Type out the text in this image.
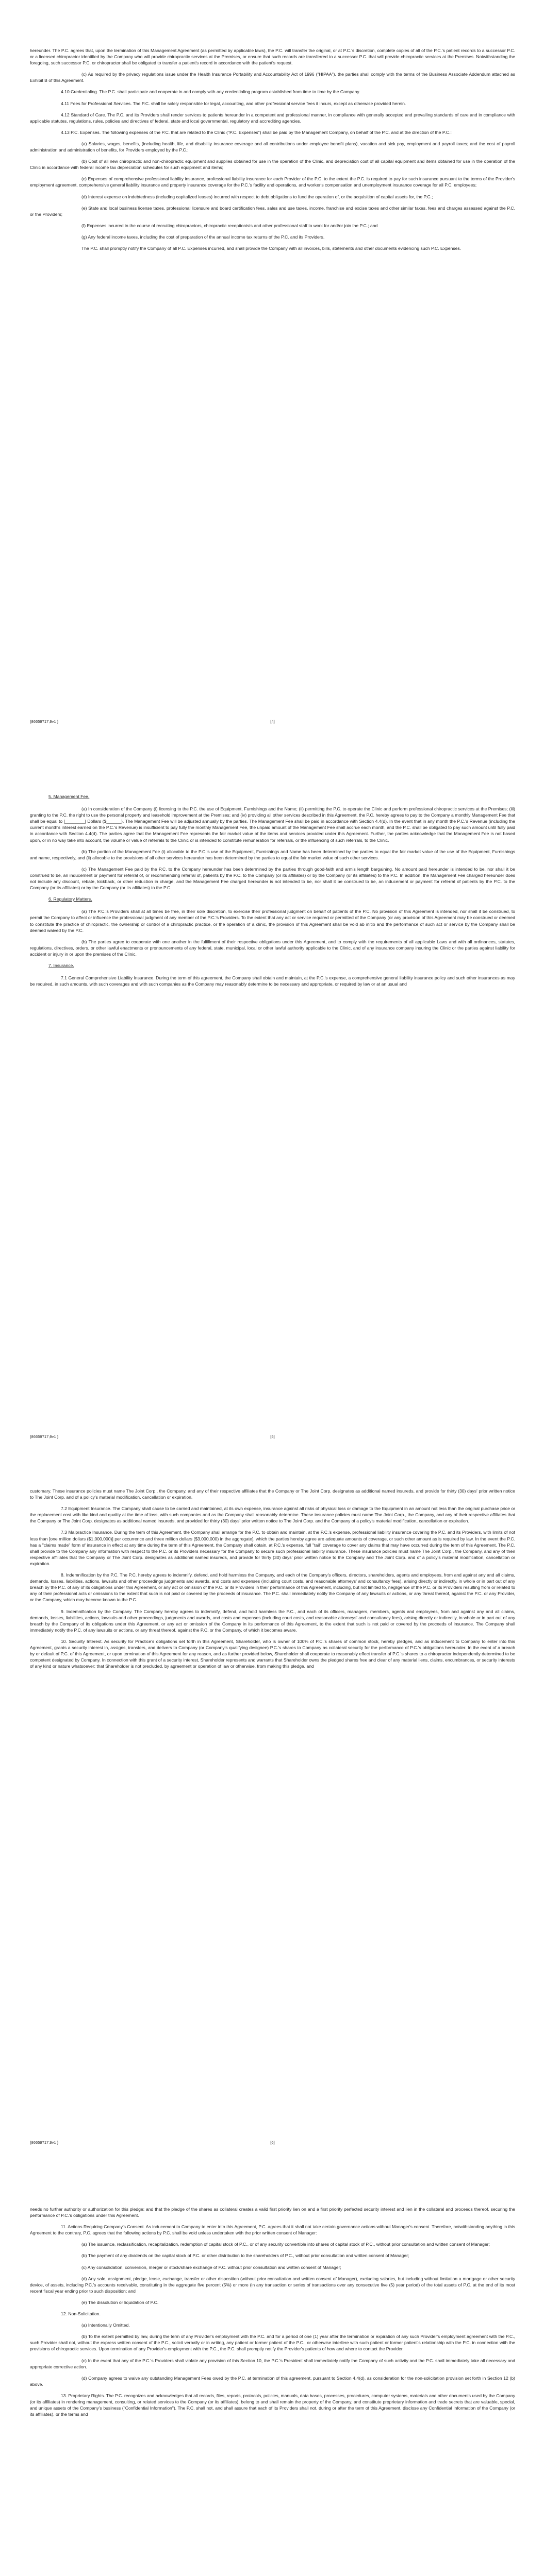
hereunder. The P.C. agrees that, upon the termination of this Management Agreement (as permitted by applicable laws), the P.C. will transfer the original, or at P.C.'s discretion, complete copies of all of the P.C.'s patient records to a successor P.C. or a licensed chiropractor identified by the Company who will provide chiropractic services at the Premises, or ensure that such records are transferred to a successor P.C. that will provide chiropractic services at the Premises. Notwithstanding the foregoing, such successor P.C. or chiropractor shall be obligated to transfer a patient's record in accordance with the patient's request.

(c) As required by the privacy regulations issue under the Health Insurance Portability and Accountability Act of 1996 ("HIPAA"), the parties shall comply with the terms of the Business Associate Addendum attached as Exhibit B of this Agreement.

4.10 Credentialing. The P.C. shall participate and cooperate in and comply with any credentialing program established from time to time by the Company.

4.11 Fees for Professional Services. The P.C. shall be solely responsible for legal, accounting, and other professional service fees it incurs, except as otherwise provided herein.

4.12 Standard of Care. The P.C. and its Providers shall render services to patients hereunder in a competent and professional manner, in compliance with generally accepted and prevailing standards of care and in compliance with applicable statutes, regulations, rules, policies and directives of federal, state and local governmental, regulatory and accrediting agencies.

4.13 P.C. Expenses. The following expenses of the P.C. that are related to the Clinic ("P.C. Expenses") shall be paid by the Management Company, on behalf of the P.C. and at the direction of the P.C.:

(a) Salaries, wages, benefits, (including health, life, and disability insurance coverage and all contributions under employee benefit plans), vacation and sick pay, employment and payroll taxes; and the cost of payroll administration and administration of benefits, for Providers employed by the P.C.;

(b) Cost of all new chiropractic and non-chiropractic equipment and supplies obtained for use in the operation of the Clinic, and depreciation cost of all capital equipment and items obtained for use in the operation of the Clinic in accordance with federal income tax depreciation schedules for such equipment and items;

(c) Expenses of comprehensive professional liability insurance, professional liability insurance for each Provider of the P.C. to the extent the P.C. is required to pay for such insurance pursuant to the terms of the Provider's employment agreement, comprehensive general liability insurance and property insurance coverage for the P.C.'s facility and operations, and worker's compensation and unemployment insurance coverage for all P.C. employees;

(d) Interest expense on indebtedness (including capitalized leases) incurred with respect to debt obligations to fund the operation of, or the acquisition of capital assets for, the P.C.;

(e) State and local business license taxes, professional licensure and board certification fees, sales and use taxes, income, franchise and excise taxes and other similar taxes, fees and charges assessed against the P.C. or the Providers;

(f) Expenses incurred in the course of recruiting chiropractors, chiropractic receptionists and other professional staff to work for and/or join the P.C.; and

(g) Any federal income taxes, including the cost of preparation of the annual income tax returns of the P.C. and its Providers.

The P.C. shall promptly notify the Company of all P.C. Expenses incurred, and shall provide the Company with all invoices, bills, statements and other documents evidencing such P.C. Expenses.

{86659717;9v1 }	[4]

5. Management Fee.

(a) In consideration of the Company (i) licensing to the P.C. the use of Equipment, Furnishings and the Name; (ii) permitting the P.C. to operate the Clinic and perform professional chiropractic services at the Premises; (iii) granting to the P.C. the right to use the personal property and leasehold improvement at the Premises; and (iv) providing all other services described in this Agreement, the P.C. hereby agrees to pay to the Company a monthly Management Fee that shall be equal to [________] Dollars ($______). The Management Fee will be adjusted annually by the parties. The Management Fee shall be paid in accordance with Section 4.4(d). In the event that in any month the P.C.'s Revenue (including the current month's interest earned on the P.C.'s Revenue) is insufficient to pay fully the monthly Management Fee, the unpaid amount of the Management Fee shall accrue each month, and the P.C. shall be obligated to pay such amount until fully paid in accordance with Section 4.4(d). The parties agree that the Management Fee represents the fair market value of the items and services provided under this Agreement. Further, the parties acknowledge that the Management Fee is not based upon, or in no way take into account, the volume or value of referrals to the Clinic or is intended to constitute remuneration for referrals, or the influencing of such referrals, to the Clinic.

(b) The portion of the Management Fee (i) allocable to the P.C.'s use of the Equipment, Furnishings and Name has been determined by the parties to equal the fair market value of the use of the Equipment, Furnishings and name, respectively, and (ii) allocable to the provisions of all other services hereunder has been determined by the parties to equal the fair market value of such other services.

(c) The Management Fee paid by the P.C. to the Company hereunder has been determined by the parties through good-faith and arm's length bargaining. No amount paid hereunder is intended to be, nor shall it be construed to be, an inducement or payment for referral of, or recommending referral of, patients by the P.C. to the Company (or its affiliates) or by the Company (or its affiliates) to the P.C. In addition, the Management Fee charged hereunder does not include any discount, rebate, kickback, or other reduction in charge, and the Management Fee charged hereunder is not intended to be, nor shall it be construed to be, an inducement or payment for referral of patients by the P.C. to the Company (or its affiliates) or by the Company (or its affiliates) to the P.C.

6. Regulatory Matters.

(a) The P.C.'s Providers shall at all times be free, in their sole discretion, to exercise their professional judgment on behalf of patients of the P.C. No provision of this Agreement is intended, nor shall it be construed, to permit the Company to affect or influence the professional judgment of any member of the P.C.'s Providers. To the extent that any act or service required or permitted of the Company (or any provision of this Agreement may be construed or deemed to constitute the practice of chiropractic, the ownership or control of a chiropractic practice, or the operation of a clinic, the provision of this Agreement shall be void ab initio and the performance of such act or service by the Company shall be deemed waived by the P.C.

(b) The parties agree to cooperate with one another in the fulfillment of their respective obligations under this Agreement, and to comply with the requirements of all applicable Laws and with all ordinances, statutes, regulations, directives, orders, or other lawful enactments or pronouncements of any federal, state, municipal, local or other lawful authority applicable to the Clinic, and of any insurance company insuring the Clinic or the parties against liability for accident or injury in or upon the premises of the Clinic.

7. Insurance.

7.1 General Comprehensive Liability Insurance. During the term of this agreement, the Company shall obtain and maintain, at the P.C.'s expense, a comprehensive general liability insurance policy and such other insurances as may be required, in such amounts, with such coverages and with such companies as the Company may reasonably determine to be necessary and appropriate, or required by law or at an usual and

{86659717;9v1 }	[5]

customary. These insurance policies must name The Joint Corp., the Company, and any of their respective affiliates that the Company or The Joint Corp. designates as additional named insureds, and provide for thirty (30) days' prior written notice to The Joint Corp. and of a policy's material modification, cancellation or expiration.

7.2 Equipment Insurance. The Company shall cause to be carried and maintained, at its own expense, insurance against all risks of physical loss or damage to the Equipment in an amount not less than the original purchase price or the replacement cost with like kind and quality at the time of loss, with such companies and as the Company shall reasonably determine. These insurance policies must name The Joint Corp., the Company, and any of their respective affiliates that the Company or The Joint Corp. designates as additional named insureds, and provided for thirty (30) days' prior written notice to The Joint Corp. and the Company of a policy's material modification, cancellation or expiration.

7.3 Malpractice Insurance. During the term of this Agreement, the Company shall arrange for the P.C. to obtain and maintain, at the P.C.'s expense, professional liability insurance covering the P.C. and its Providers, with limits of not less than [one million dollars ($1,000,000)] per occurrence and three million dollars ($3,000,000) in the aggregate], which the parties hereby agree are adequate amounts of coverage, or such other amount as is required by law. In the event the P.C. has a "claims made" form of insurance in effect at any time during the term of this Agreement, the Company shall obtain, at P.C.'s expense, full "tail" coverage to cover any claims that may have occurred during the term of this Agreement. The P.C. shall provide to the Company any information with respect to the P.C. or its Providers necessary for the Company to secure such professional liability insurance. These insurance policies must name The Joint Corp., the Company, and any of their respective affiliates that the Company or The Joint Corp. designates as additional named insureds, and provide for thirty (30) days' prior written notice to the Company and The Joint Corp. and of a policy's material modification, cancellation or expiration.

8. Indemnification by the P.C. The P.C. hereby agrees to indemnify, defend, and hold harmless the Company, and each of the Company's officers, directors, shareholders, agents and employees, from and against any and all claims, demands, losses, liabilities, actions, lawsuits and other proceedings judgments and awards, and costs and expenses (including court costs, and reasonable attorneys' and consultancy fees), arising directly or indirectly, in whole or in part out of any breach by the P.C. of any of its obligations under this Agreement, or any act or omission of the P.C. or its Providers in their performance of this Agreement, including, but not limited to, negligence of the P.C. or its Providers resulting from or related to any of their professional acts or omissions to the extent that such is not paid or covered by the proceeds of insurance. The P.C. shall immediately notify the Company of any lawsuits or actions, or any threat thereof, against the P.C. or any Provider, or the Company, which may become known to the P.C.

9. Indemnification by the Company. The Company hereby agrees to indemnify, defend, and hold harmless the P.C., and each of its officers, managers, members, agents and employees, from and against any and all claims, demands, losses, liabilities, actions, lawsuits and other proceedings, judgments and awards, and costs and expenses (including court costs, and reasonable attorneys' and consultancy fees), arising directly or indirectly, in whole or in part out of any breach by the Company of its obligations under this Agreement, or any act or omission of the Company in its performance of this Agreement, to the extent that such is not paid or covered by the proceeds of insurance. The Company shall immediately notify the P.C. of any lawsuits or actions, or any threat thereof, against the P.C. or the Company, of which it becomes aware.

10. Security Interest. As security for Practice's obligations set forth in this Agreement, Shareholder, who is owner of 100% of P.C.'s shares of common stock, hereby pledges, and as inducement to Company to enter into this Agreement, grants a security interest in, assigns, transfers, and delivers to Company (or Company's qualifying designee) P.C.'s shares to Company as collateral security for the performance of P.C.'s obligations hereunder. In the event of a breach by or default of P.C. of this Agreement, or upon termination of this Agreement for any reason, and as further provided below, Shareholder shall cooperate to reasonably effect transfer of P.C.'s shares to a chiropractor independently determined to be competent designated by Company. In connection with this grant of a security interest, Shareholder represents and warrants that Shareholder owns the pledged shares free and clear of any material liens, claims, encumbrances, or security interests of any kind or nature whatsoever; that Shareholder is not precluded, by agreement or operation of law or otherwise, from making this pledge, and

{86659717;9v1 }	[6]

needs no further authority or authorization for this pledge; and that the pledge of the shares as collateral creates a valid first priority lien on and a first priority perfected security interest and lien in the collateral and proceeds thereof, securing the performance of P.C.'s obligations under this Agreement.

11. Actions Requiring Company's Consent. As inducement to Company to enter into this Agreement, P.C. agrees that it shall not take certain governance actions without Manager's consent. Therefore, notwithstanding anything in this Agreement to the contrary, P.C. agrees that the following actions by P.C. shall be void unless undertaken with the prior written consent of Manager:

(a) The issuance, reclassification, recapitalization, redemption of capital stock of P.C., or of any security convertible into shares of capital stock of P.C., without prior consultation and written consent of Manager;

(b) The payment of any dividends on the capital stock of P.C. or other distribution to the shareholders of P.C., without prior consultation and written consent of Manager;

(c) Any consolidation, conversion, merger or stock/share exchange of P.C. without prior consultation and written consent of Manager;

(d) Any sale, assignment, pledge, lease, exchange, transfer or other disposition (without prior consultation and written consent of Manager), excluding salaries, but including without limitation a mortgage or other security device, of assets, including P.C.'s accounts receivable, constituting in the aggregate five percent (5%) or more (in any transaction or series of transactions over any consecutive five (5) year period) of the total assets of P.C. at the end of its most recent fiscal year ending prior to such disposition; and

(e) The dissolution or liquidation of P.C.

12. Non-Solicitation.

(a) Intentionally Omitted.

(b) To the extent permitted by law, during the term of any Provider's employment with the P.C. and for a period of one (1) year after the termination or expiration of any such Provider's employment agreement with the P.C., such Provider shall not, without the express written consent of the P.C., solicit verbally or in writing, any patient or former patient of the P.C., or otherwise interfere with such patient or former patient's relationship with the P.C. in connection with the provisions of chiropractic services. Upon termination of any Provider's employment with the P.C., the P.C. shall promptly notify the Provider's patients of how and where to contact the Provider.

(c) In the event that any of the P.C.'s Providers shall violate any provision of this Section 10, the P.C.'s President shall immediately notify the Company of such activity and the P.C. shall immediately take all necessary and appropriate corrective action.

(d) Company agrees to waive any outstanding Management Fees owed by the P.C. at termination of this agreement, pursuant to Section 4.4(d), as consideration for the non-solicitation provision set forth in Section 12 (b) above.

13. Proprietary Rights. The P.C. recognizes and acknowledges that all records, files, reports, protocols, policies, manuals, data bases, processes, procedures, computer systems, materials and other documents used by the Company (or its affiliates) in rendering management, consulting, or related services to the Company (or its affiliates), belong to and shall remain the property of the Company, and constitute proprietary information and trade secrets that are valuable, special, and unique assets of the Company's business ("Confidential Information"). The P.C. shall not, and shall assure that each of its Providers shall not, during or after the term of this Agreement, disclose any Confidential Information of the Company (or its affiliates), or the terms and
